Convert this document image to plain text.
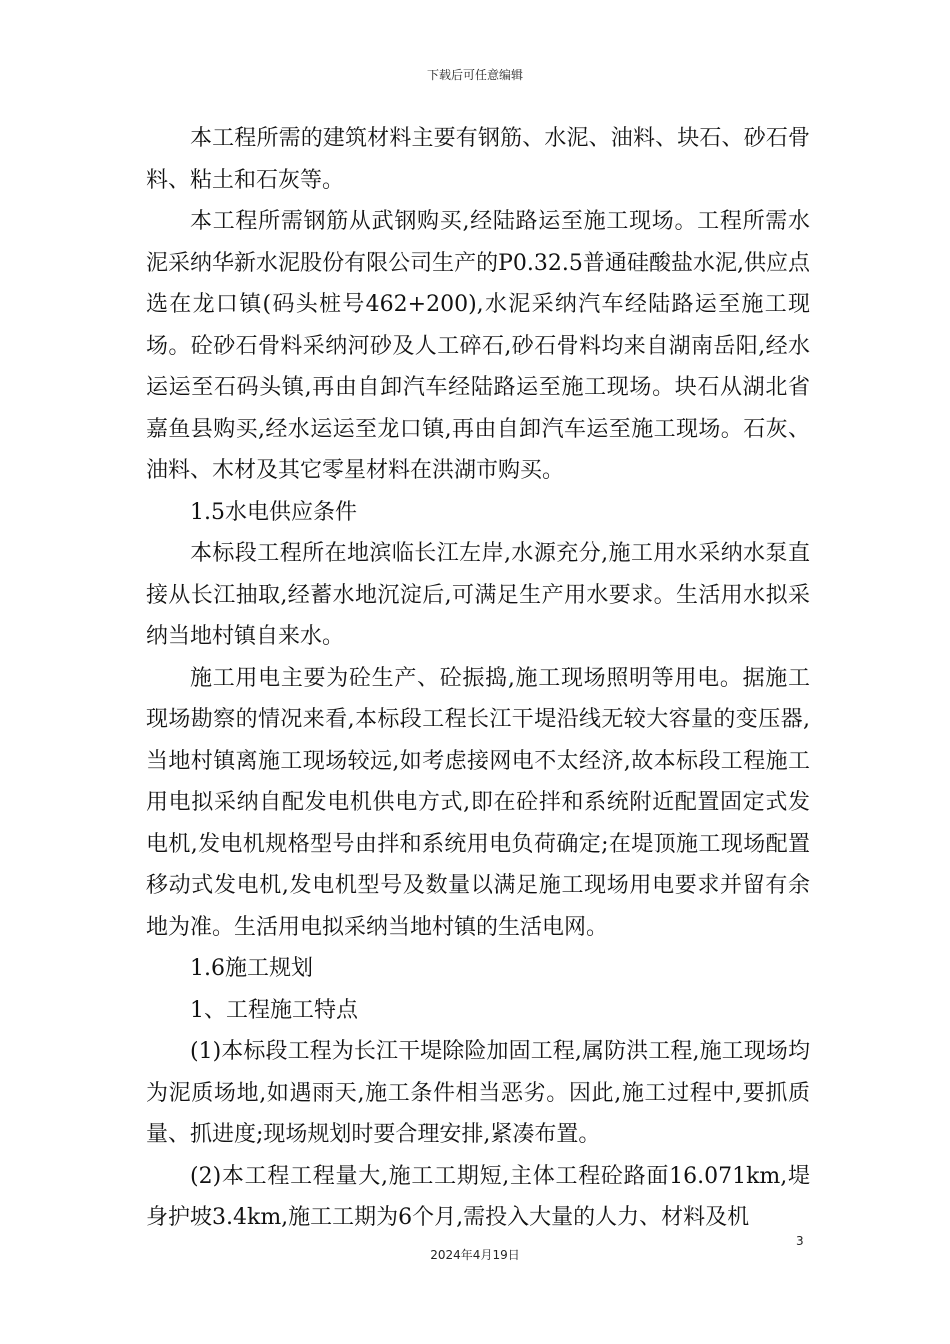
下载后可任意编辑

本工程所需的建筑材料主要有钢筋、水泥、油料、块石、砂石骨料、粘土和石灰等。

本工程所需钢筋从武钢购买,经陆路运至施工现场。工程所需水泥采纳华新水泥股份有限公司生产的P0.32.5普通硅酸盐水泥,供应点选在龙口镇(码头桩号462+200),水泥采纳汽车经陆路运至施工现场。砼砂石骨料采纳河砂及人工碎石,砂石骨料均来自湖南岳阳,经水运运至石码头镇,再由自卸汽车经陆路运至施工现场。块石从湖北省嘉鱼县购买,经水运运至龙口镇,再由自卸汽车运至施工现场。石灰、油料、木材及其它零星材料在洪湖市购买。

1.5水电供应条件

本标段工程所在地滨临长江左岸,水源充分,施工用水采纳水泵直接从长江抽取,经蓄水地沉淀后,可满足生产用水要求。生活用水拟采纳当地村镇自来水。

施工用电主要为砼生产、砼振捣,施工现场照明等用电。据施工现场勘察的情况来看,本标段工程长江干堤沿线无较大容量的变压器,当地村镇离施工现场较远,如考虑接网电不太经济,故本标段工程施工用电拟采纳自配发电机供电方式,即在砼拌和系统附近配置固定式发电机,发电机规格型号由拌和系统用电负荷确定;在堤顶施工现场配置移动式发电机,发电机型号及数量以满足施工现场用电要求并留有余地为准。生活用电拟采纳当地村镇的生活电网。

1.6施工规划

1、工程施工特点

(1)本标段工程为长江干堤除险加固工程,属防洪工程,施工现场均为泥质场地,如遇雨天,施工条件相当恶劣。因此,施工过程中,要抓质量、抓进度;现场规划时要合理安排,紧凑布置。

(2)本工程工程量大,施工工期短,主体工程砼路面16.071km,堤身护坡3.4km,施工工期为6个月,需投入大量的人力、材料及机

3
2024年4月19日
